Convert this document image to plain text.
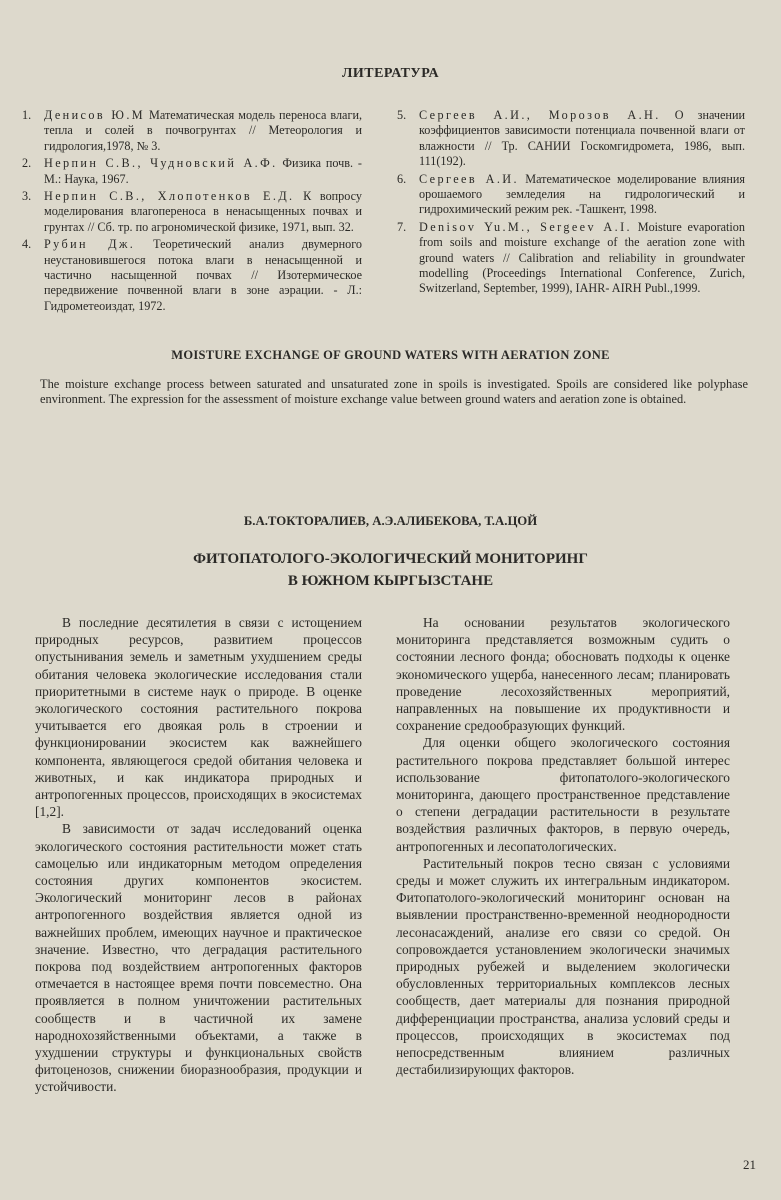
ЛИТЕРАТУРА
1.	Денисов Ю.М Математическая модель переноса влаги, тепла и солей в почвогрунтах // Метеорология и гидрология,1978, № 3.
2.	Нерпин С.В., Чудновский А.Ф. Физика почв. - М.: Наука, 1967.
3.	Нерпин С.В., Хлопотенков Е.Д. К вопросу моделирования влагопереноса в ненасыщенных почвах и грунтах // Сб. тр. по агрономической физике, 1971, вып. 32.
4.	Рубин Дж. Теоретический анализ двумерного неустановившегося потока влаги в ненасыщенной и частично насыщенной почвах // Изотермическое передвижение почвенной влаги в зоне аэрации. - Л.: Гидрометеоиздат, 1972.
5.	Сергеев А.И., Морозов А.Н. О значении коэффициентов зависимости потенциала почвенной влаги от влажности // Тр. САНИИ Госкомгидромета, 1986, вып. 111(192).
6.	Сергеев А.И. Математическое моделирование влияния орошаемого земледелия на гидрологический и гидрохимический режим рек. -Ташкент, 1998.
7.	Denisov Yu.M., Sergeev A.I. Moisture evaporation from soils and moisture exchange of the aeration zone with ground waters // Calibration and reliability in groundwater modelling (Proceedings International Conference, Zurich, Switzerland, September, 1999), IAHR- AIRH Publ.,1999.
MOISTURE EXCHANGE OF GROUND WATERS WITH AERATION ZONE
The moisture exchange process between saturated and unsaturated zone in spoils is investigated. Spoils are considered like polyphase environment. The expression for the assessment of moisture exchange value between ground waters and aeration zone is obtained.
Б.А.ТОКТОРАЛИЕВ, А.Э.АЛИБЕКОВА, Т.А.ЦОЙ
ФИТОПАТОЛОГО-ЭКОЛОГИЧЕСКИЙ МОНИТОРИНГ
В ЮЖНОМ КЫРГЫЗСТАНЕ

В последние десятилетия в связи с истощением природных ресурсов, развитием процессов опустынивания земель и заметным ухудшением среды обитания человека экологические исследования стали приоритетными в системе наук о природе. В оценке экологического состояния растительного покрова учитывается его двоякая роль в строении и функционировании экосистем как важнейшего компонента, являющегося средой обитания человека и животных, и как индикатора природных и антропогенных процессов, происходящих в экосистемах [1,2].

В зависимости от задач исследований оценка экологического состояния растительности может стать самоцелью или индикаторным методом определения состояния других компонентов экосистем. Экологический мониторинг лесов в районах антропогенного воздействия является одной из важнейших проблем, имеющих научное и практическое значение. Известно, что деградация растительного покрова под воздействием антропогенных факторов отмечается в настоящее время почти повсеместно. Она проявляется в полном уничтожении растительных сообществ и в частичной их замене народнохозяйственными объектами, а также в ухудшении структуры и функциональных свойств фитоценозов, снижении биоразнообразия, продукции и устойчивости.

На основании результатов экологического мониторинга представляется возможным судить о состоянии лесного фонда; обосновать подходы к оценке экономического ущерба, нанесенного лесам; планировать проведение лесохозяйственных мероприятий, направленных на повышение их продуктивности и сохранение средообразующих функций.

Для оценки общего экологического состояния растительного покрова представляет большой интерес использование фитопатолого-экологического мониторинга, дающего пространственное представление о степени деградации растительности в результате воздействия различных факторов, в первую очередь, антропогенных и лесопатологических.

Растительный покров тесно связан с условиями среды и может служить их интегральным индикатором. Фитопатолого-экологический мониторинг основан на выявлении пространственно-временной неоднородности лесонасаждений, анализе его связи со средой. Он сопровождается установлением экологически значимых природных рубежей и выделением экологически обусловленных территориальных комплексов лесных сообществ, дает материалы для познания природной дифференциации пространства, анализа условий среды и процессов, происходящих в экосистемах под непосредственным влиянием различных дестабилизирующих факторов.

21
